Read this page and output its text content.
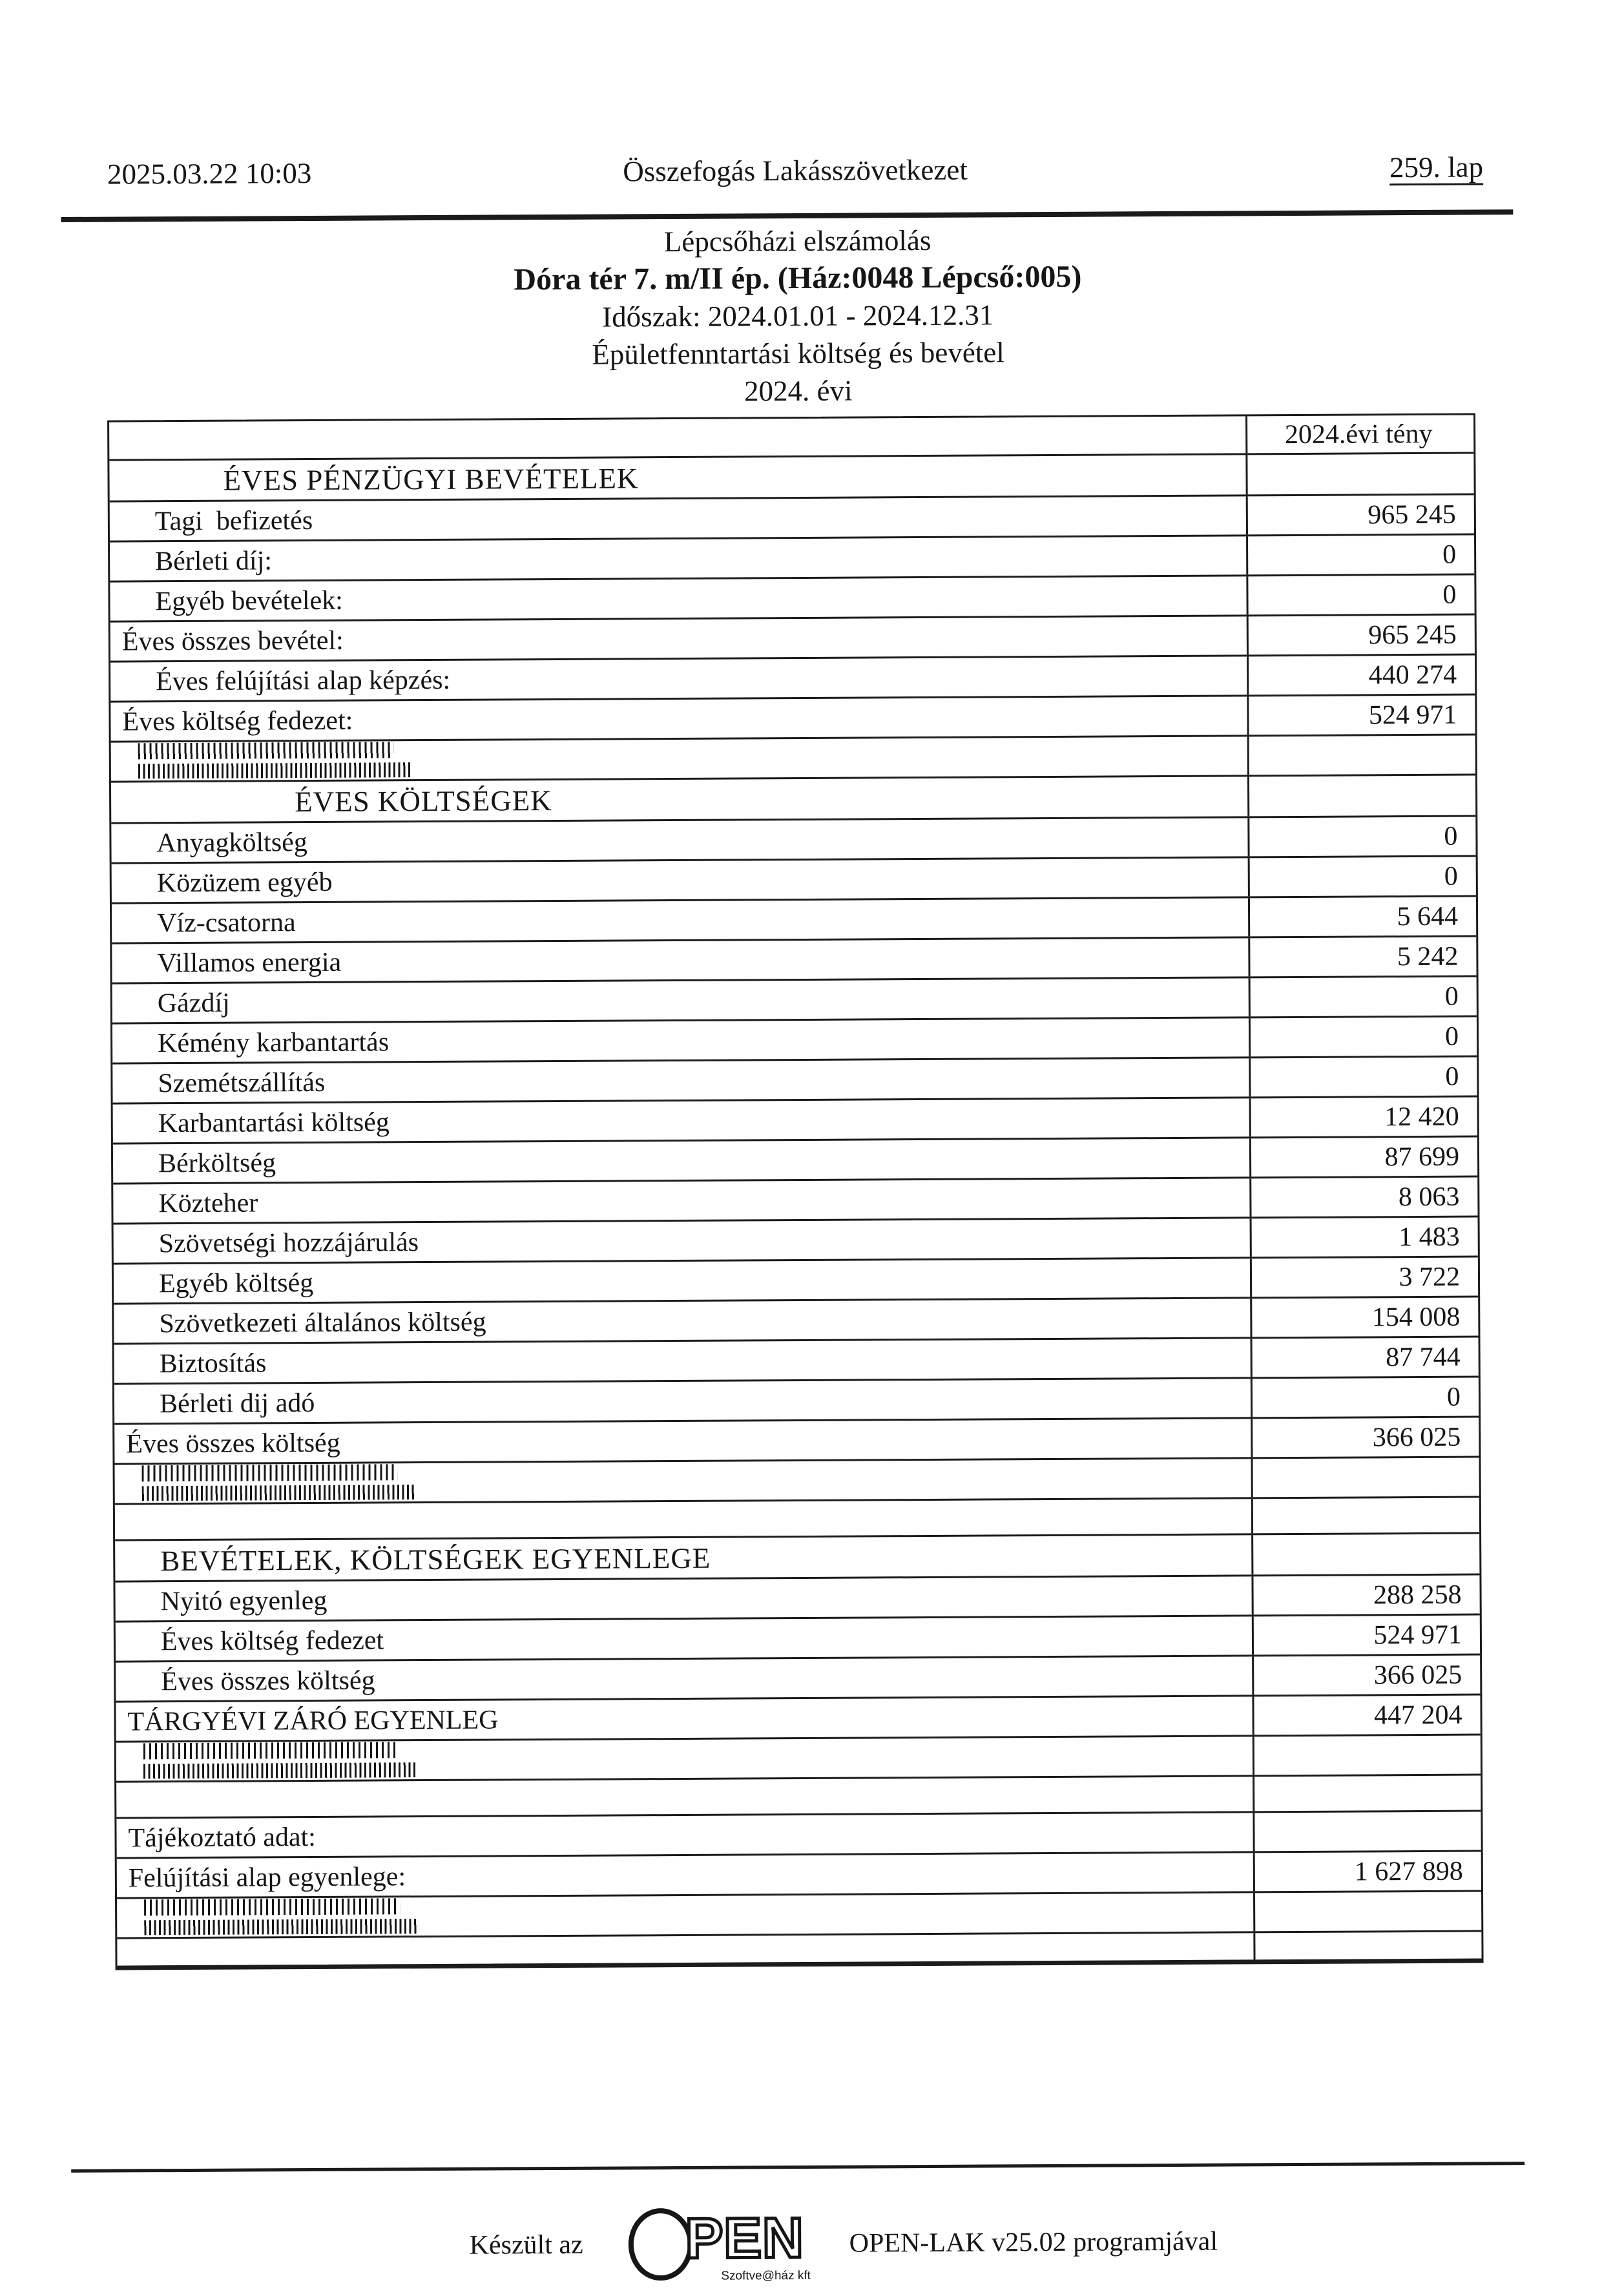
2025.03.22 10:03	Összefogás Lakásszövetkezet	259. lap
Lépcsőházi elszámolás
Dóra tér 7. m/II ép. (Ház:0048 Lépcső:005)
Időszak: 2024.01.01 - 2024.12.31
Épületfenntartási költség és bevétel
2024. évi
2024.évi tény
ÉVES PÉNZÜGYI BEVÉTELEK
Tagi  befizetés	965 245
Bérleti díj:	0
Egyéb bevételek:	0
Éves összes bevétel:	965 245
Éves felújítási alap képzés:	440 274
Éves költség fedezet:	524 971
ÉVES KÖLTSÉGEK
Anyagköltség	0
Közüzem egyéb	0
Víz-csatorna	5 644
Villamos energia	5 242
Gázdíj	0
Kémény karbantartás	0
Szemétszállítás	0
Karbantartási költség	12 420
Bérköltség	87 699
Közteher	8 063
Szövetségi hozzájárulás	1 483
Egyéb költség	3 722
Szövetkezeti általános költség	154 008
Biztosítás	87 744
Bérleti dij adó	0
Éves összes költség	366 025
BEVÉTELEK, KÖLTSÉGEK EGYENLEGE
Nyitó egyenleg	288 258
Éves költség fedezet	524 971
Éves összes költség	366 025
TÁRGYÉVI ZÁRÓ EGYENLEG	447 204
Tájékoztató adat:
Felújítási alap egyenlege:	1 627 898
Készült az PEN
Szoftve@ház kft
OPEN-LAK v25.02 programjával
